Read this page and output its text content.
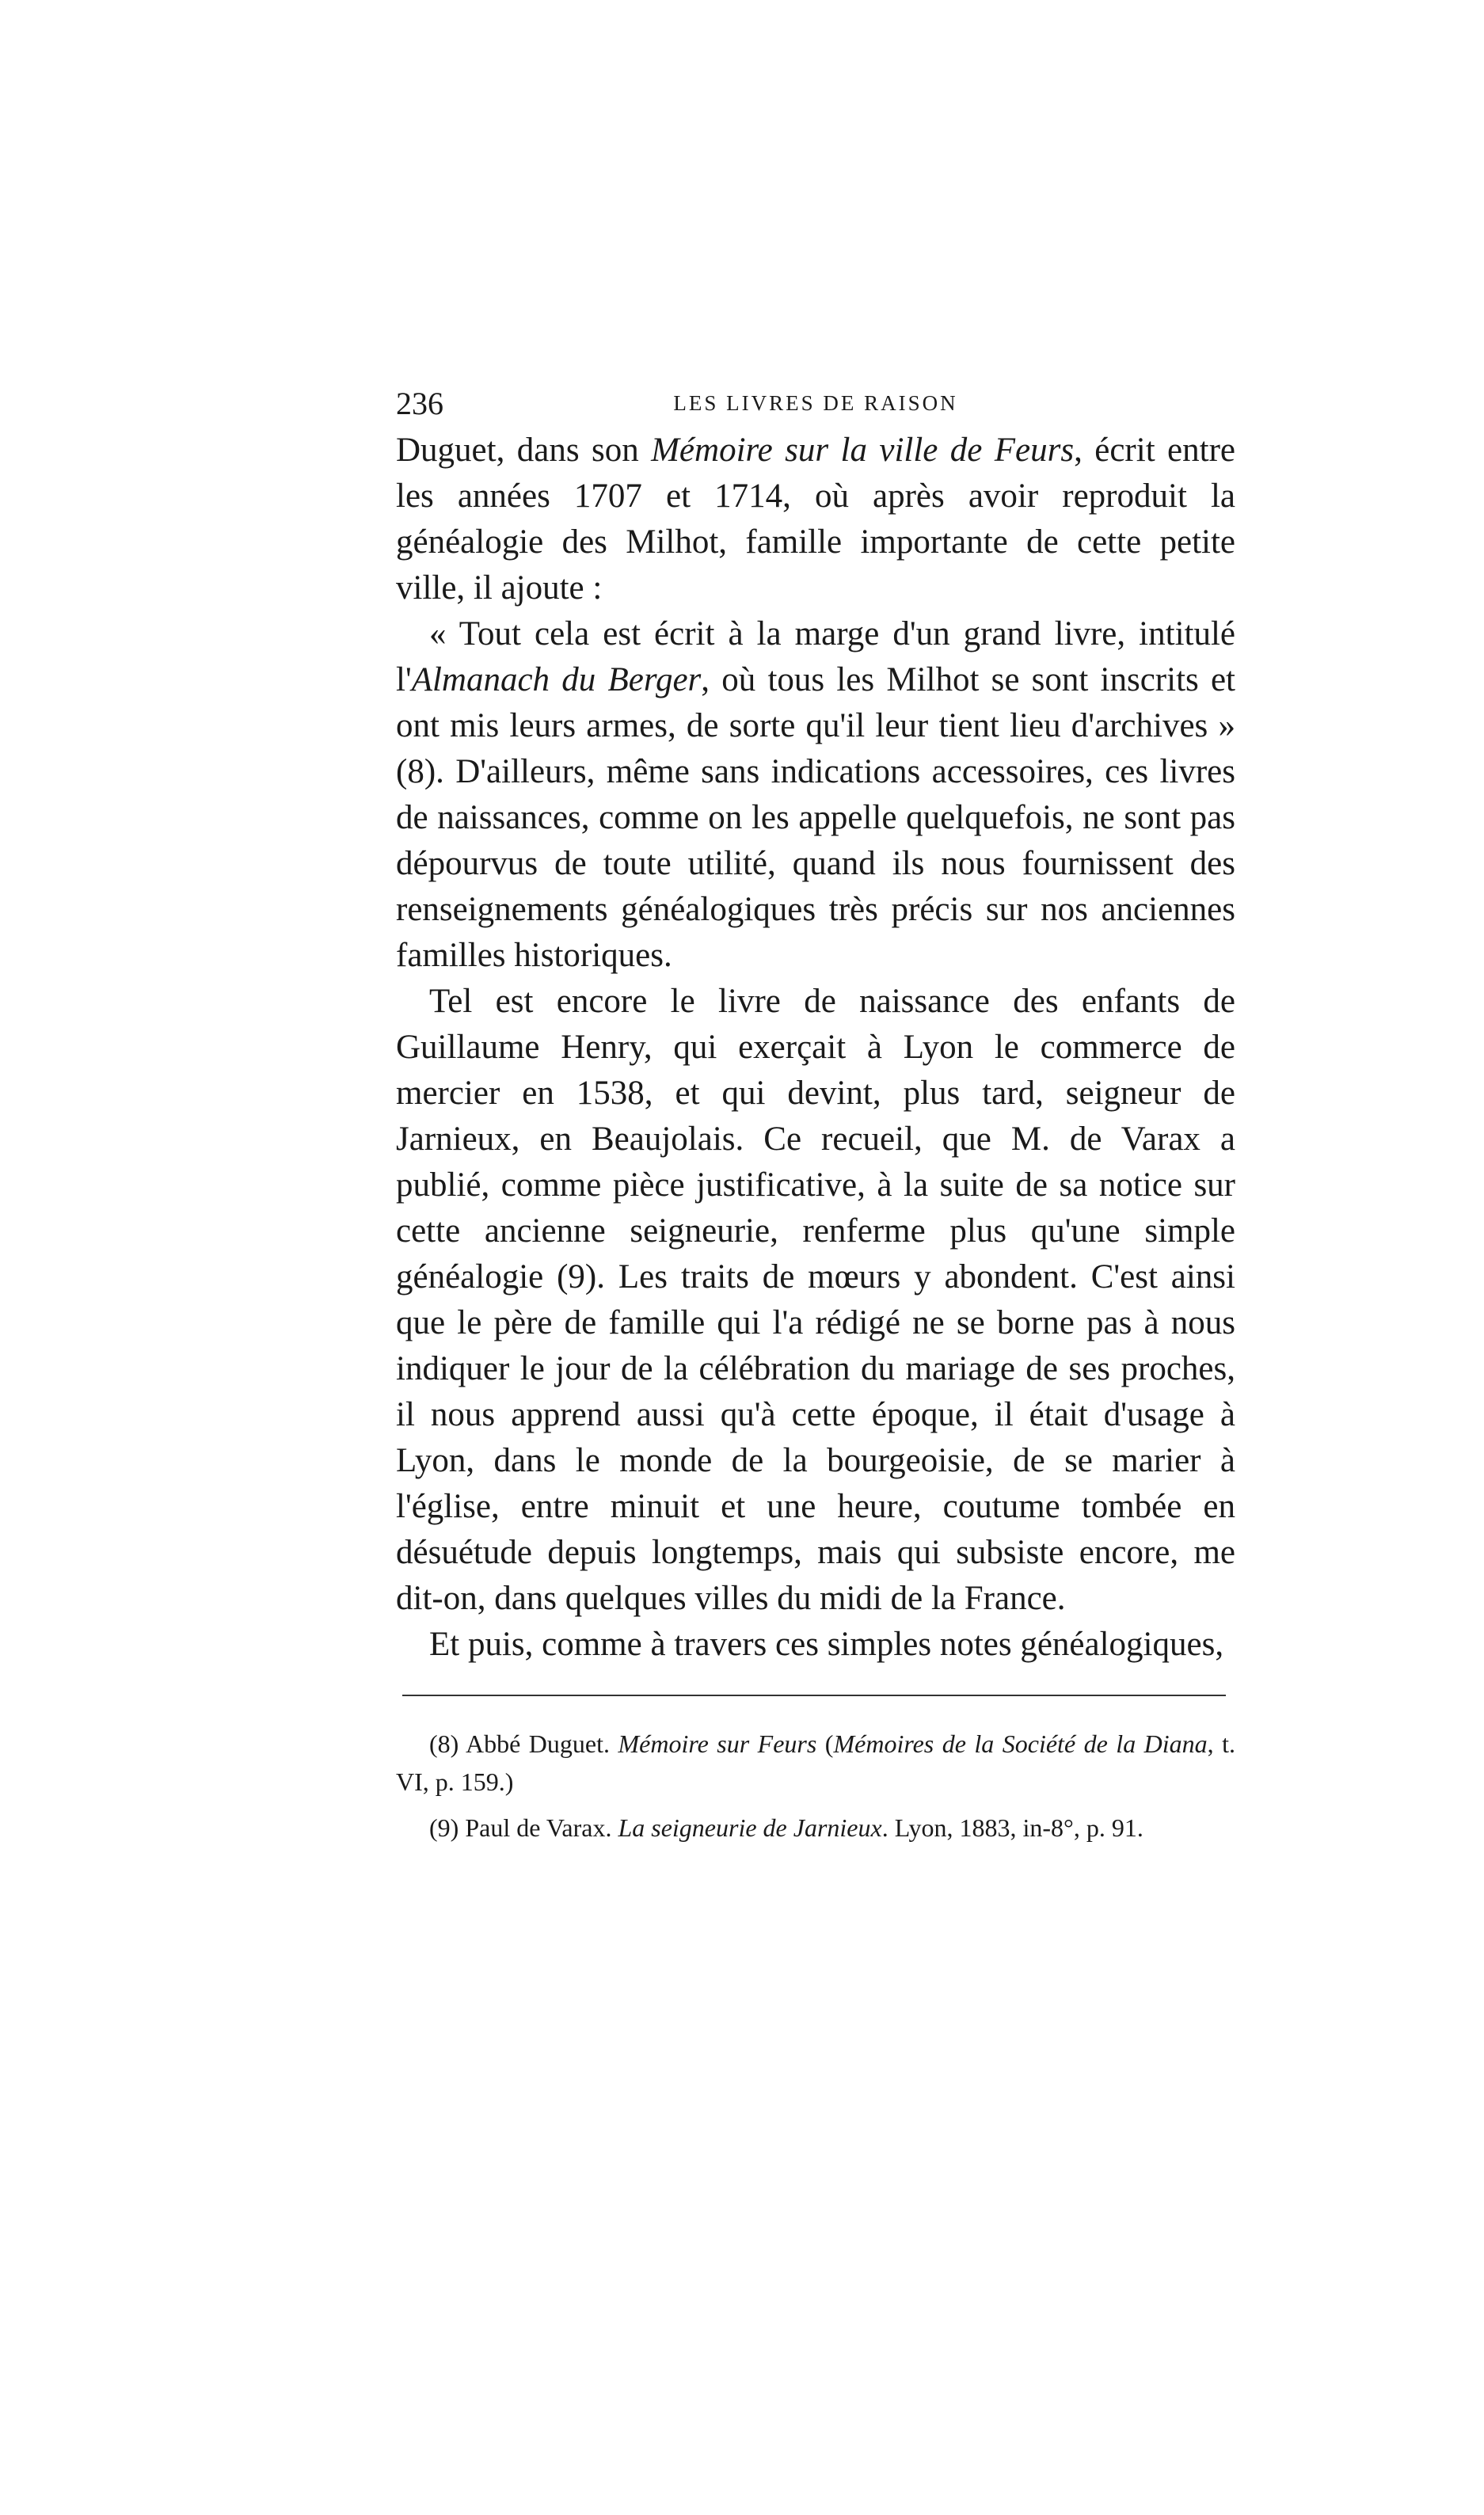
236	LES LIVRES DE RAISON

Duguet, dans son Mémoire sur la ville de Feurs, écrit entre les années 1707 et 1714, où après avoir reproduit la généalogie des Milhot, famille importante de cette petite ville, il ajoute :

« Tout cela est écrit à la marge d'un grand livre, intitulé l'Almanach du Berger, où tous les Milhot se sont inscrits et ont mis leurs armes, de sorte qu'il leur tient lieu d'archives » (8). D'ailleurs, même sans indications accessoires, ces livres de naissances, comme on les appelle quelquefois, ne sont pas dépourvus de toute utilité, quand ils nous fournissent des renseignements généalogiques très précis sur nos anciennes familles historiques.

Tel est encore le livre de naissance des enfants de Guillaume Henry, qui exerçait à Lyon le commerce de mercier en 1538, et qui devint, plus tard, seigneur de Jarnieux, en Beaujolais. Ce recueil, que M. de Varax a publié, comme pièce justificative, à la suite de sa notice sur cette ancienne seigneurie, renferme plus qu'une simple généalogie (9). Les traits de mœurs y abondent. C'est ainsi que le père de famille qui l'a rédigé ne se borne pas à nous indiquer le jour de la célébration du mariage de ses proches, il nous apprend aussi qu'à cette époque, il était d'usage à Lyon, dans le monde de la bourgeoisie, de se marier à l'église, entre minuit et une heure, coutume tombée en désuétude depuis longtemps, mais qui subsiste encore, me dit-on, dans quelques villes du midi de la France.

Et puis, comme à travers ces simples notes généalogiques,

(8) Abbé Duguet. Mémoire sur Feurs (Mémoires de la Société de la Diana, t. VI, p. 159.)

(9) Paul de Varax. La seigneurie de Jarnieux. Lyon, 1883, in-8°, p. 91.
